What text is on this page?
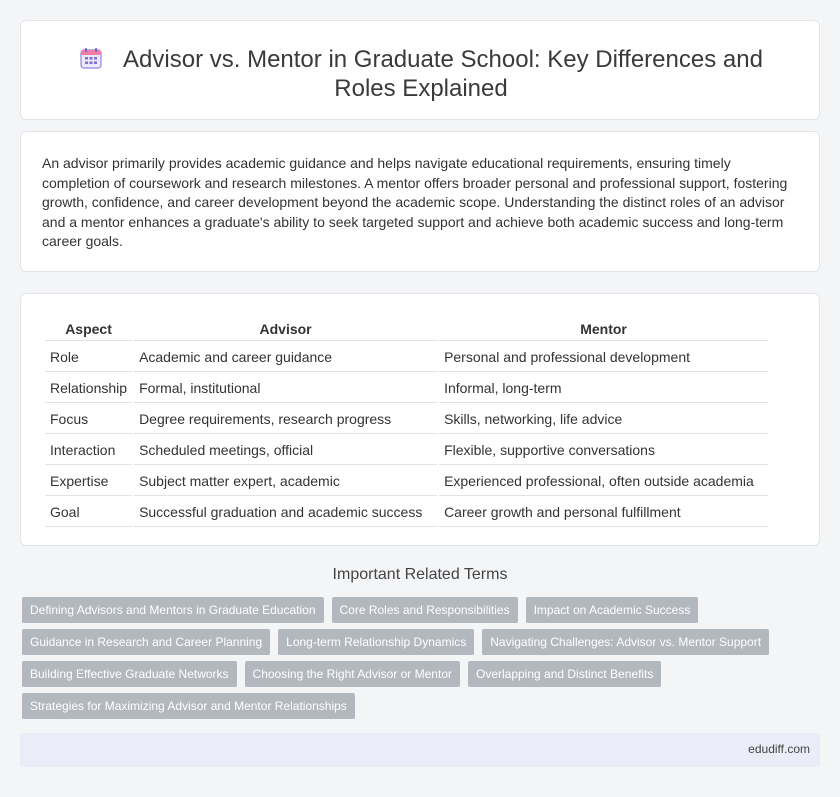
Advisor vs. Mentor in Graduate School: Key Differences and Roles Explained

An advisor primarily provides academic guidance and helps navigate educational requirements, ensuring timely completion of coursework and research milestones. A mentor offers broader personal and professional support, fostering growth, confidence, and career development beyond the academic scope. Understanding the distinct roles of an advisor and a mentor enhances a graduate's ability to seek targeted support and achieve both academic success and long-term career goals.

Aspect	Advisor	Mentor
Role	Academic and career guidance	Personal and professional development
Relationship	Formal, institutional	Informal, long-term
Focus	Degree requirements, research progress	Skills, networking, life advice
Interaction	Scheduled meetings, official	Flexible, supportive conversations
Expertise	Subject matter expert, academic	Experienced professional, often outside academia
Goal	Successful graduation and academic success	Career growth and personal fulfillment
Important Related Terms
Defining Advisors and Mentors in Graduate Education	Core Roles and Responsibilities	Impact on Academic Success
Guidance in Research and Career Planning	Long-term Relationship Dynamics	Navigating Challenges: Advisor vs. Mentor Support
Building Effective Graduate Networks	Choosing the Right Advisor or Mentor	Overlapping and Distinct Benefits
Strategies for Maximizing Advisor and Mentor Relationships
edudiff.com
